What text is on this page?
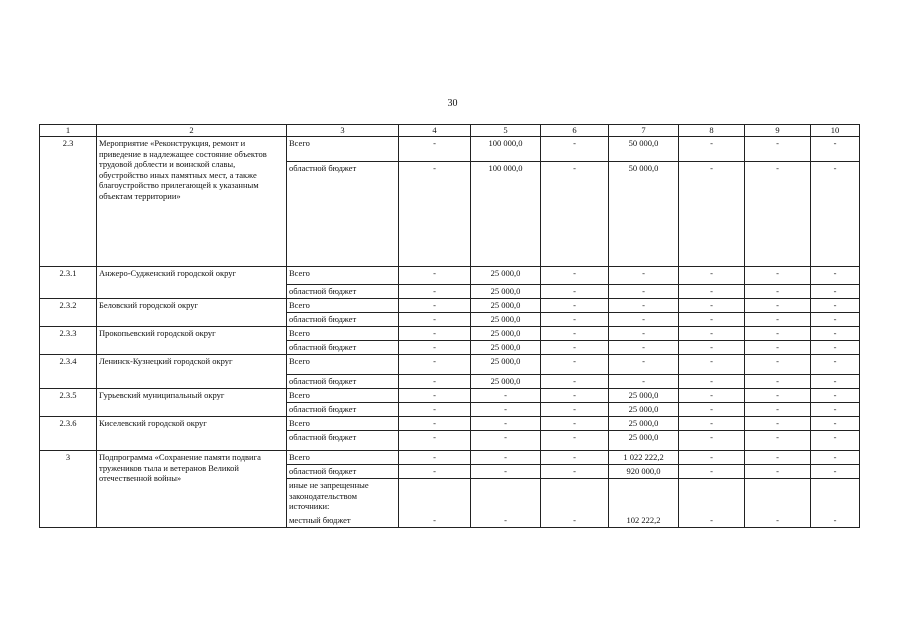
30
1	2	3	4	5	6	7	8	9	10
2.3	Мероприятие «Реконструкция, ремонт и приведение в надлежащее состояние объектов трудовой доблести и воинской славы, обустройство иных памятных мест, а также благоустройство прилегающей к указанным объектам территории»	Всего	-	100 000,0	-	50 000,0	-	-	-
		областной бюджет	-	100 000,0	-	50 000,0	-	-	-
2.3.1	Анжеро-Судженский городской округ	Всего	-	25 000,0	-	-	-	-	-
		областной бюджет	-	25 000,0	-	-	-	-	-
2.3.2	Беловский городской округ	Всего	-	25 000,0	-	-	-	-	-
		областной бюджет	-	25 000,0	-	-	-	-	-
2.3.3	Прокопьевский городской округ	Всего	-	25 000,0	-	-	-	-	-
		областной бюджет	-	25 000,0	-	-	-	-	-
2.3.4	Ленинск-Кузнецкий городской округ	Всего	-	25 000,0	-	-	-	-	-
		областной бюджет	-	25 000,0	-	-	-	-	-
2.3.5	Гурьевский муниципальный округ	Всего	-	-	-	25 000,0	-	-	-
		областной бюджет	-	-	-	25 000,0	-	-	-
2.3.6	Киселевский городской округ	Всего	-	-	-	25 000,0	-	-	-
		областной бюджет	-	-	-	25 000,0	-	-	-
3	Подпрограмма «Сохранение памяти подвига тружеников тыла и ветеранов Великой отечественной войны»	Всего	-	-	-	1 022 222,2	-	-	-
		областной бюджет	-	-	-	920 000,0	-	-	-
		иные не запрещенные законодательством источники:							
		местный бюджет	-	-	-	102 222,2	-	-	-
